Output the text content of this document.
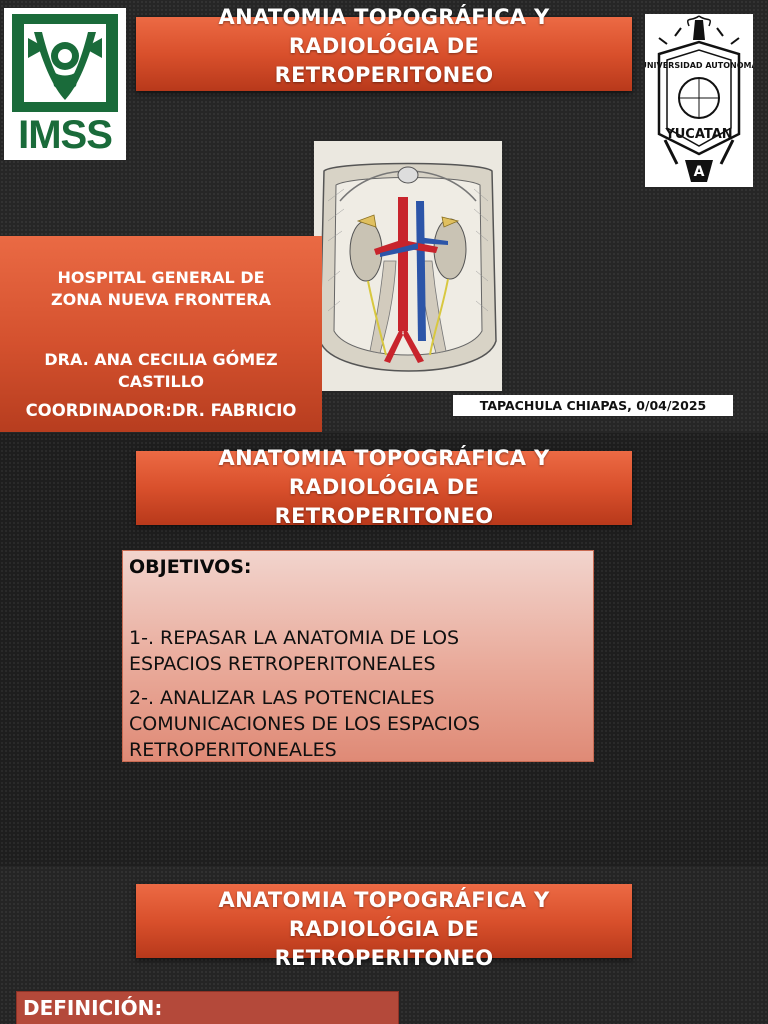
IMSS
ANATOMIA TOPOGRÁFICA Y
RADIOLÓGIA DE
RETROPERITONEO	UNIVERSIDAD AUTONOMA
YUCATAN
A
HOSPITAL GENERAL DE
ZONA NUEVA FRONTERA
DRA. ANA CECILIA GÓMEZ
CASTILLO
COORDINADOR:DR. FABRICIO	TAPACHULA CHIAPAS, 0/04/2025
ANATOMIA TOPOGRÁFICA Y
RADIOLÓGIA DE
RETROPERITONEO
OBJETIVOS:
1-. REPASAR LA ANATOMIA DE LOS
ESPACIOS RETROPERITONEALES
2-. ANALIZAR LAS POTENCIALES
COMUNICACIONES DE LOS ESPACIOS
RETROPERITONEALES
ANATOMIA TOPOGRÁFICA Y
RADIOLÓGIA DE
RETROPERITONEO
DEFINICIÓN:
